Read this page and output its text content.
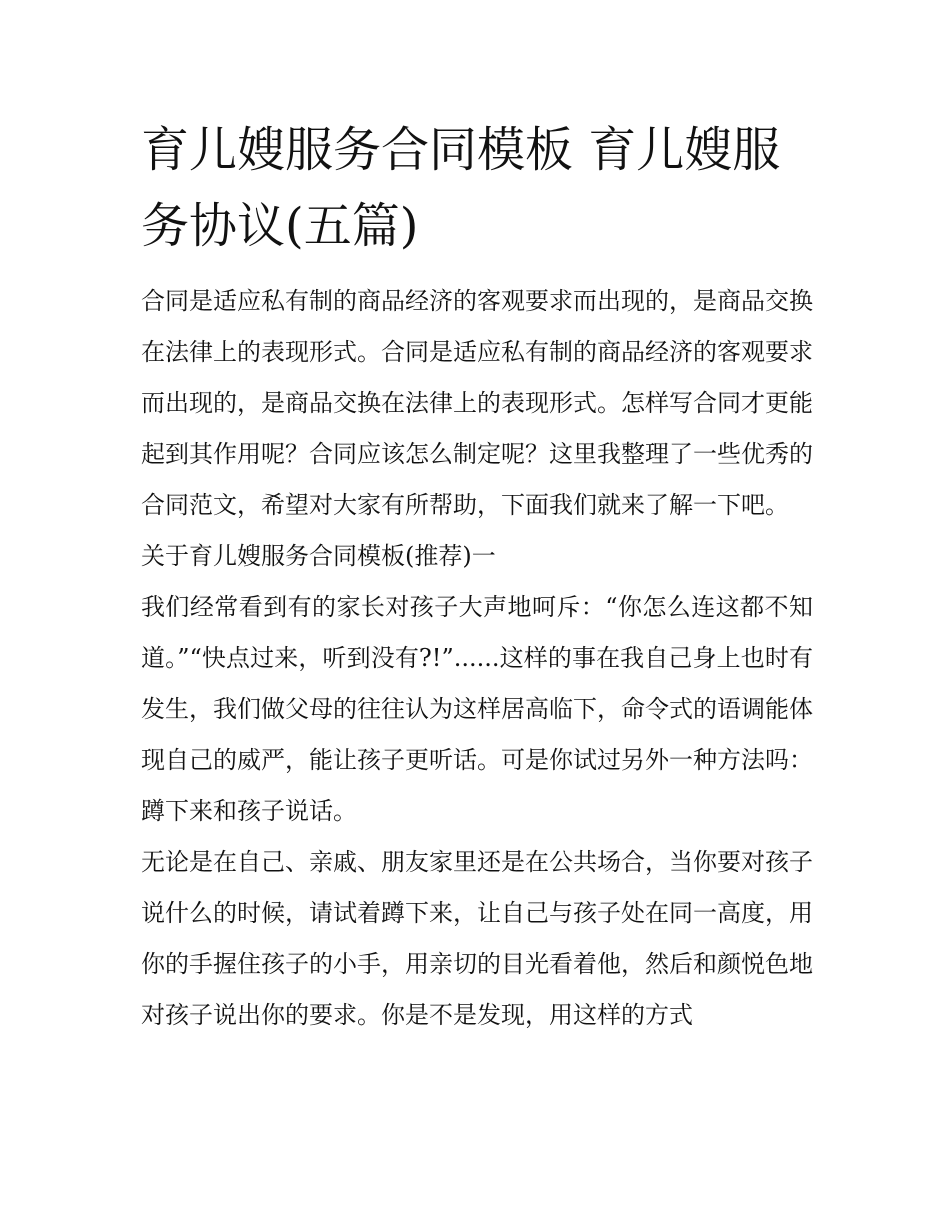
育儿嫂服务合同模板 育儿嫂服务协议(五篇)

合同是适应私有制的商品经济的客观要求而出现的，是商品交换在法律上的表现形式。合同是适应私有制的商品经济的客观要求而出现的，是商品交换在法律上的表现形式。怎样写合同才更能起到其作用呢？合同应该怎么制定呢？这里我整理了一些优秀的合同范文，希望对大家有所帮助，下面我们就来了解一下吧。

关于育儿嫂服务合同模板(推荐)一

我们经常看到有的家长对孩子大声地呵斥：“你怎么连这都不知道。”“快点过来，听到没有?!”......这样的事在我自己身上也时有发生，我们做父母的往往认为这样居高临下，命令式的语调能体现自己的威严，能让孩子更听话。可是你试过另外一种方法吗：蹲下来和孩子说话。

无论是在自己、亲戚、朋友家里还是在公共场合，当你要对孩子说什么的时候，请试着蹲下来，让自己与孩子处在同一高度，用你的手握住孩子的小手，用亲切的目光看着他，然后和颜悦色地对孩子说出你的要求。你是不是发现，用这样的方式
